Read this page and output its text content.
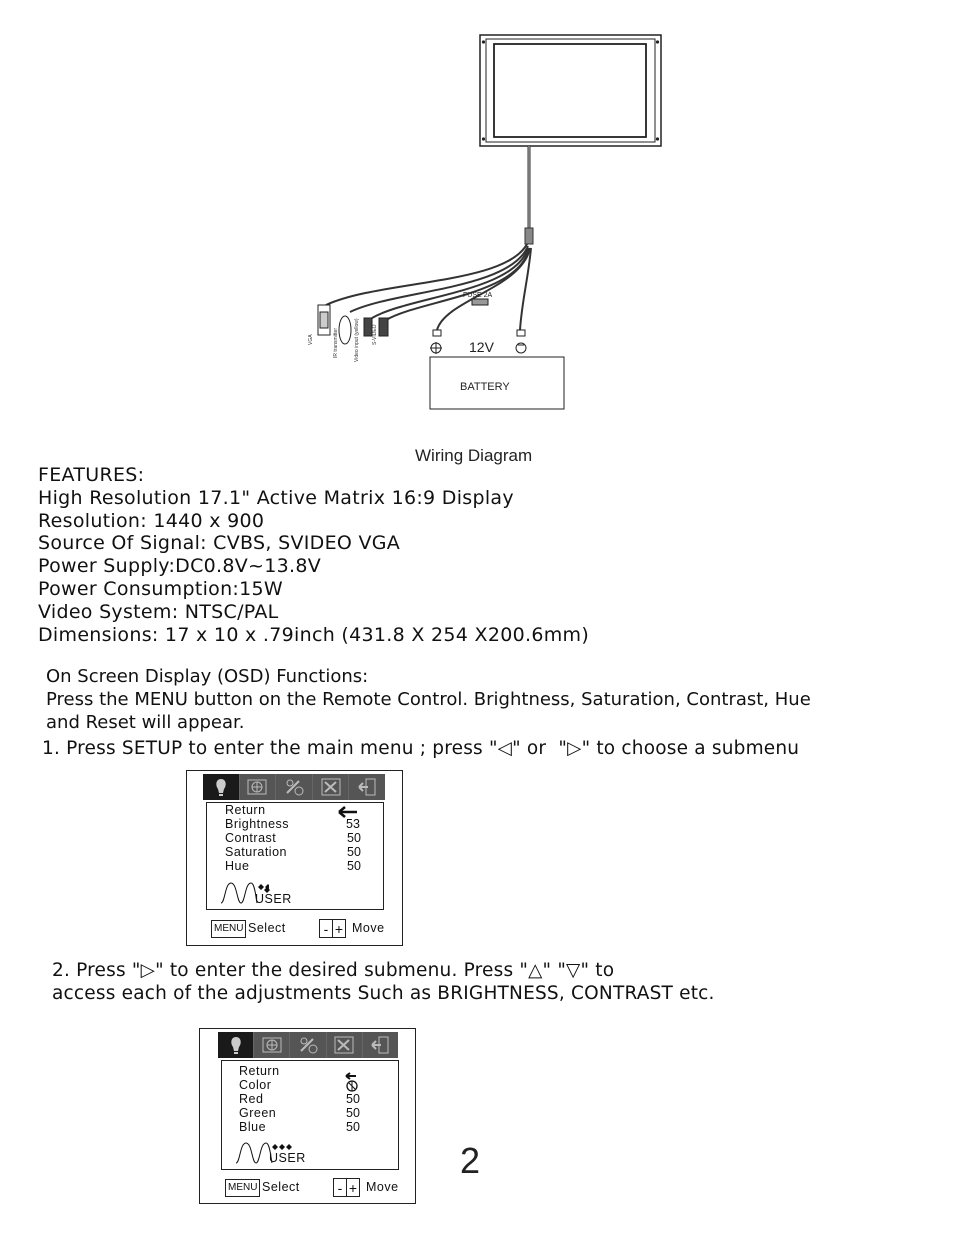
FUSE 2A
VGA	IR transmitter	Video input (yellow) S-VIDEO
12V
BATTERY
Wiring Diagram
FEATURES:
High Resolution 17.1" Active Matrix 16:9 Display
Resolution: 1440 x 900
Source Of Signal: CVBS, SVIDEO VGA
Power Supply:DC0.8V~13.8V
Power Consumption:15W
Video System: NTSC/PAL
Dimensions: 17 x 10 x .79inch (431.8 X 254 X200.6mm)
On Screen Display (OSD) Functions:
Press the MENU button on the Remote Control. Brightness, Saturation, Contrast, Hue
and Reset will appear.
1. Press SETUP to enter the main menu ; press "◁" or  "▷" to choose a submenu
Return
Brightness	53
Contrast	50
Saturation	50
Hue	50
USER
MENU Select	- + Move
2. Press "▷" to enter the desired submenu. Press "△" "▽" to
access each of the adjustments Such as BRIGHTNESS, CONTRAST etc.
Return
Color
Red	50
Green	50
Blue	50
USER
MENU Select	- + Move
2
